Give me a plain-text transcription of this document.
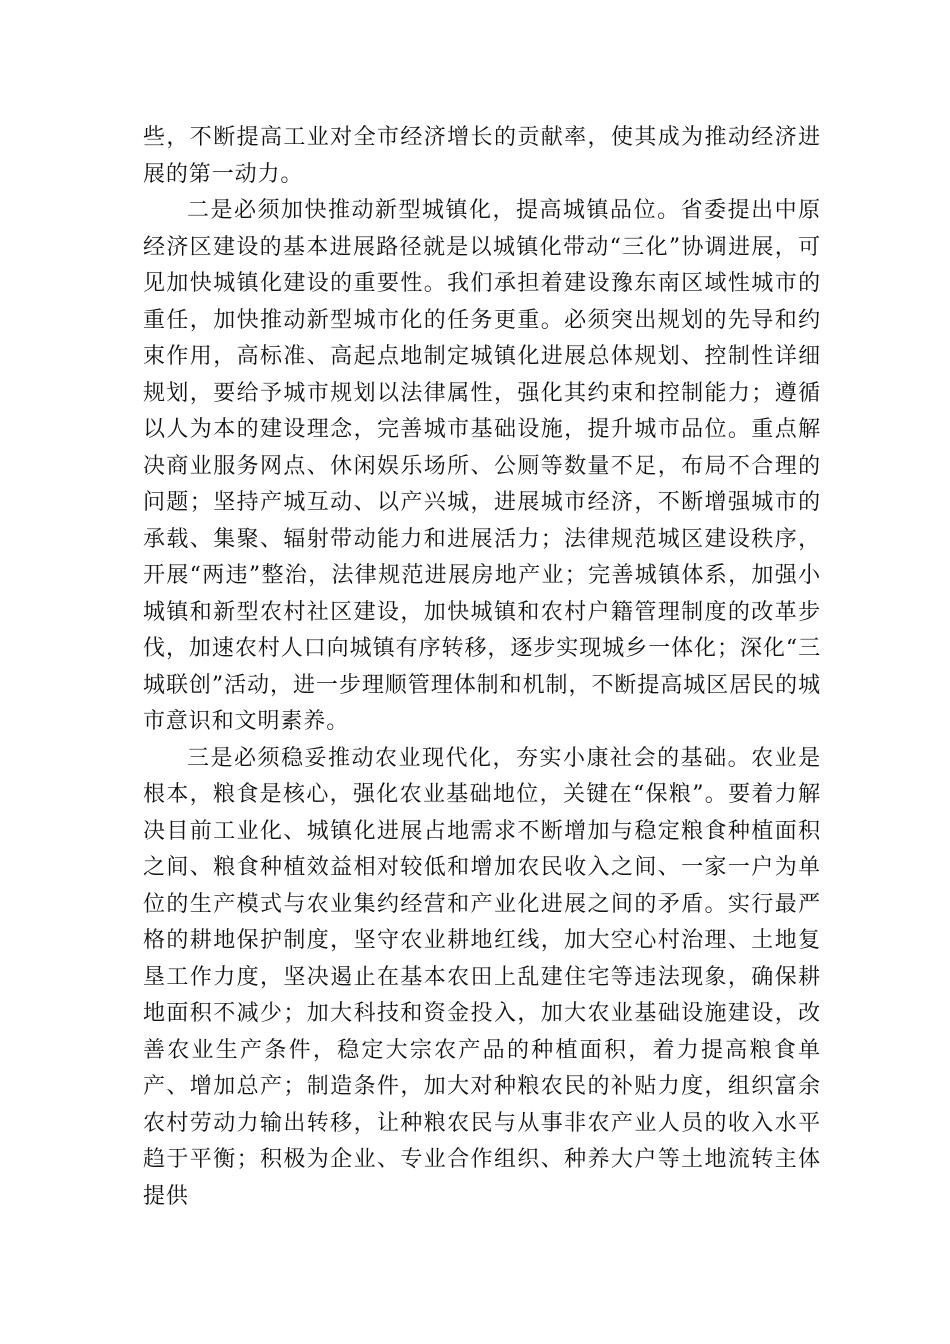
些，不断提高工业对全市经济增长的贡献率，使其成为推动经济进展的第一动力。

二是必须加快推动新型城镇化，提高城镇品位。省委提出中原经济区建设的基本进展路径就是以城镇化带动“三化”协调进展，可见加快城镇化建设的重要性。我们承担着建设豫东南区域性城市的重任，加快推动新型城市化的任务更重。必须突出规划的先导和约束作用，高标准、高起点地制定城镇化进展总体规划、控制性详细规划，要给予城市规划以法律属性，强化其约束和控制能力；遵循以人为本的建设理念，完善城市基础设施，提升城市品位。重点解决商业服务网点、休闲娱乐场所、公厕等数量不足，布局不合理的问题；坚持产城互动、以产兴城，进展城市经济，不断增强城市的承载、集聚、辐射带动能力和进展活力；法律规范城区建设秩序，开展“两违”整治，法律规范进展房地产业；完善城镇体系，加强小城镇和新型农村社区建设，加快城镇和农村户籍管理制度的改革步伐，加速农村人口向城镇有序转移，逐步实现城乡一体化；深化“三城联创”活动，进一步理顺管理体制和机制，不断提高城区居民的城市意识和文明素养。

三是必须稳妥推动农业现代化，夯实小康社会的基础。农业是根本，粮食是核心，强化农业基础地位，关键在“保粮”。要着力解决目前工业化、城镇化进展占地需求不断增加与稳定粮食种植面积之间、粮食种植效益相对较低和增加农民收入之间、一家一户为单位的生产模式与农业集约经营和产业化进展之间的矛盾。实行最严格的耕地保护制度，坚守农业耕地红线，加大空心村治理、土地复垦工作力度，坚决遏止在基本农田上乱建住宅等违法现象，确保耕地面积不减少；加大科技和资金投入，加大农业基础设施建设，改善农业生产条件，稳定大宗农产品的种植面积，着力提高粮食单产、增加总产；制造条件，加大对种粮农民的补贴力度，组织富余农村劳动力输出转移，让种粮农民与从事非农产业人员的收入水平趋于平衡；积极为企业、专业合作组织、种养大户等土地流转主体提供
